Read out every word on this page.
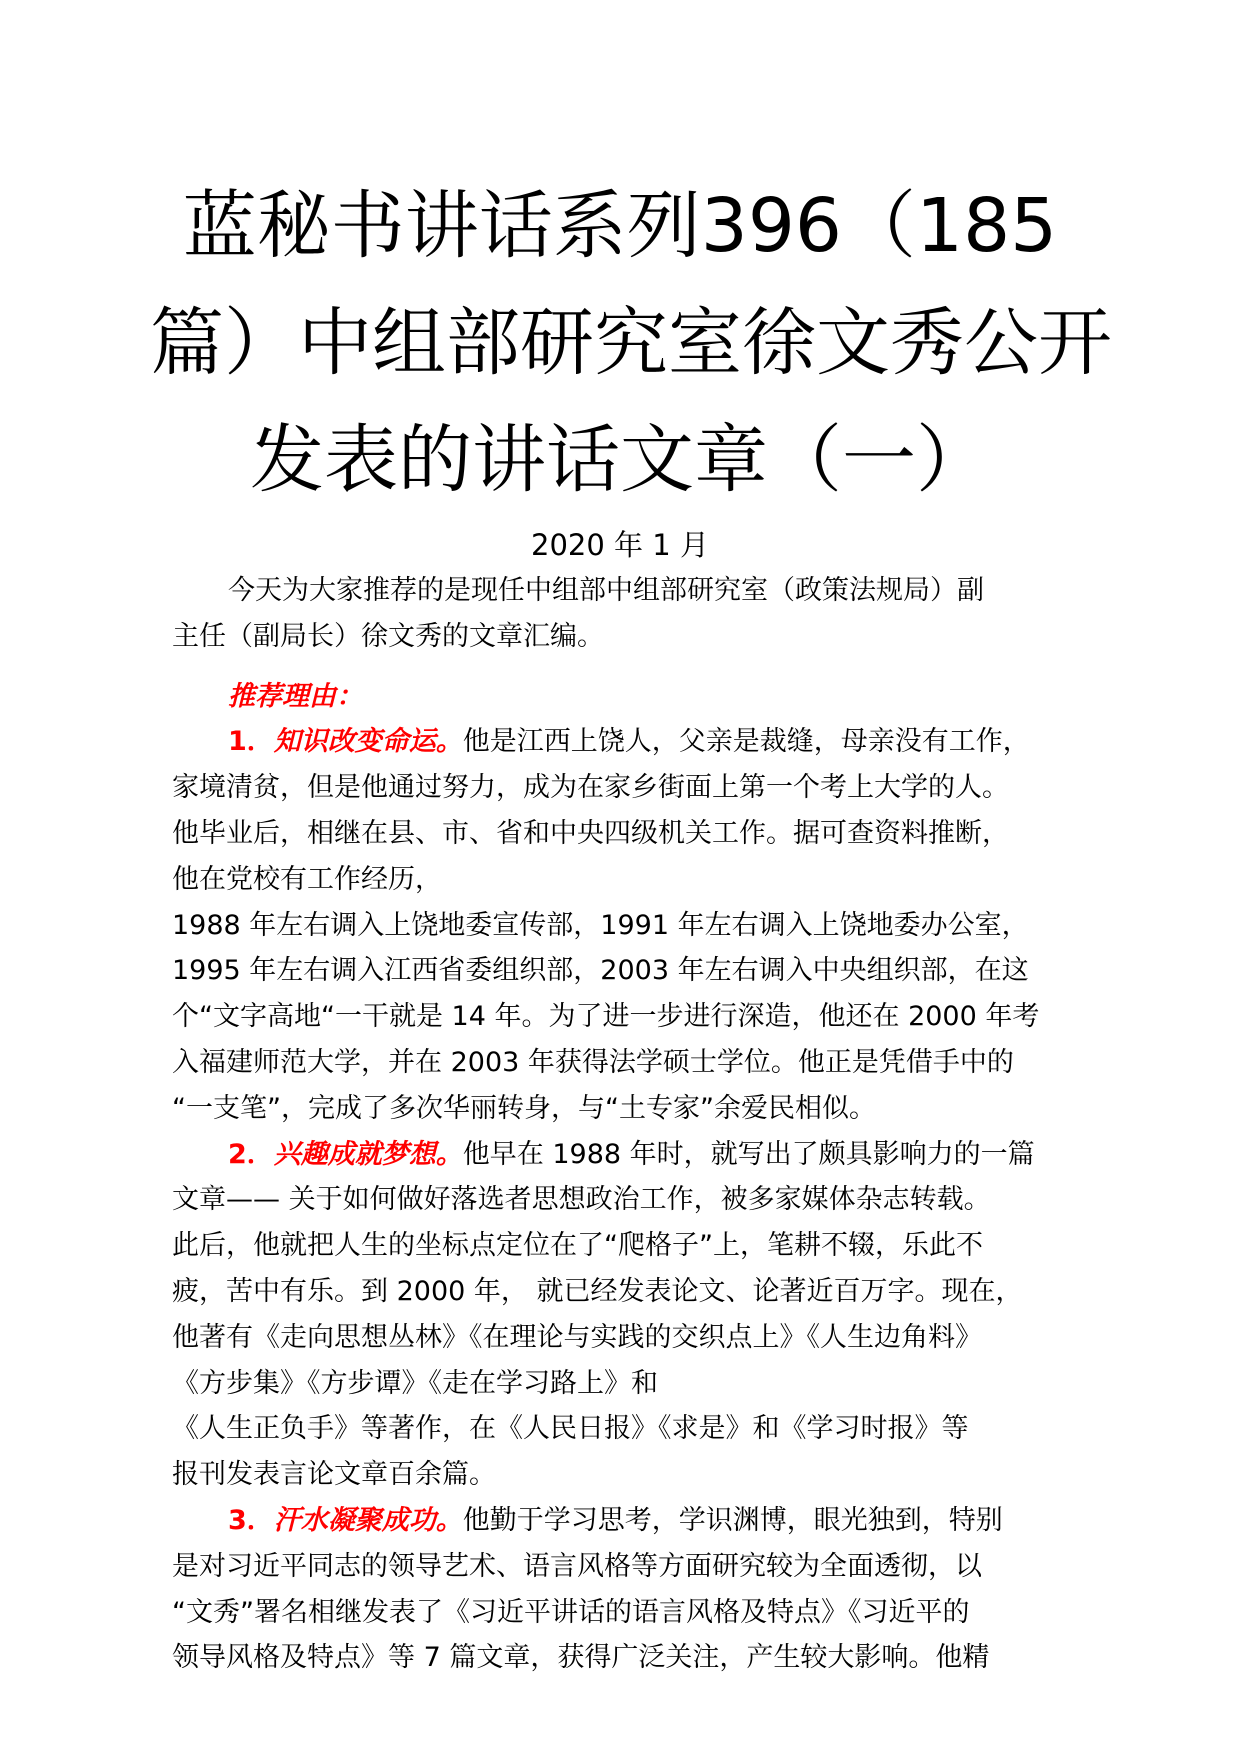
蓝秘书讲话系列396（185
篇）中组部研究室徐文秀公开
发表的讲话文章（一）
2020 年 1 月
今天为大家推荐的是现任中组部中组部研究室（政策法规局）副
主任（副局长）徐文秀的文章汇编。
推荐理由：
1．知识改变命运。他是江西上饶人，父亲是裁缝，母亲没有工作，
家境清贫，但是他通过努力，成为在家乡街面上第一个考上大学的人。
他毕业后，相继在县、市、省和中央四级机关工作。据可查资料推断，
他在党校有工作经历，
1988 年左右调入上饶地委宣传部，1991 年左右调入上饶地委办公室，
1995 年左右调入江西省委组织部，2003 年左右调入中央组织部，在这
个“文字高地“一干就是 14 年。为了进一步进行深造，他还在 2000 年考
入福建师范大学，并在 2003 年获得法学硕士学位。他正是凭借手中的
“一支笔”，完成了多次华丽转身，与“土专家”余爱民相似。
2．兴趣成就梦想。他早在 1988 年时，就写出了颇具影响力的一篇
文章—— 关于如何做好落选者思想政治工作，被多家媒体杂志转载。
此后，他就把人生的坐标点定位在了“爬格子”上，笔耕不辍，乐此不
疲，苦中有乐。到 2000 年， 就已经发表论文、论著近百万字。现在，
他著有《走向思想丛林》《在理论与实践的交织点上》《人生边角料》
《方步集》《方步谭》《走在学习路上》和
《人生正负手》等著作，在《人民日报》《求是》和《学习时报》等
报刊发表言论文章百余篇。
3．汗水凝聚成功。他勤于学习思考，学识渊博，眼光独到，特别
是对习近平同志的领导艺术、语言风格等方面研究较为全面透彻，以
“文秀”署名相继发表了《习近平讲话的语言风格及特点》《习近平的
领导风格及特点》等 7 篇文章，获得广泛关注，产生较大影响。他精
